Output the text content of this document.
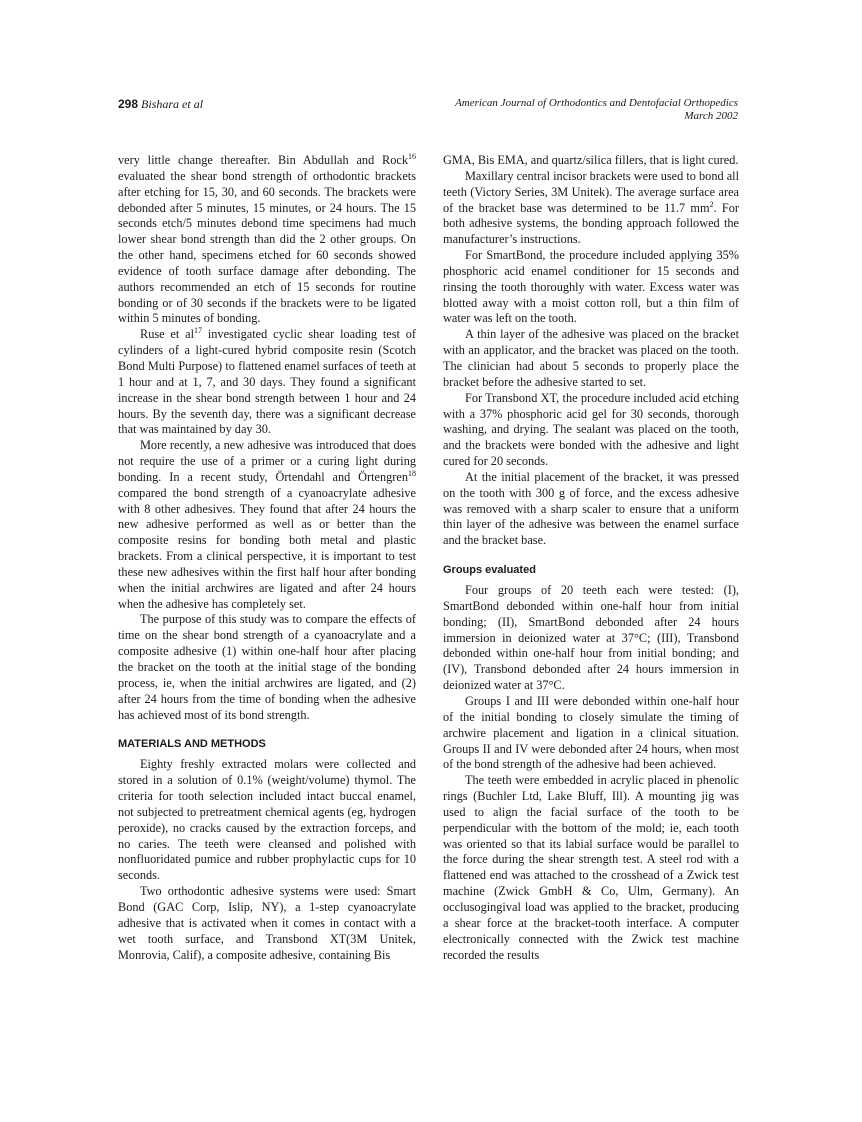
298 Bishara et al	American Journal of Orthodontics and Dentofacial Orthopedics
March 2002

very little change thereafter. Bin Abdullah and Rock$^{16}$ evaluated the shear bond strength of orthodontic brackets after etching for 15, 30, and 60 seconds. The brackets were debonded after 5 minutes, 15 minutes, or 24 hours. The 15 seconds etch/5 minutes debond time specimens had much lower shear bond strength than did the 2 other groups. On the other hand, specimens etched for 60 seconds showed evidence of tooth surface damage after debonding. The authors recommended an etch of 15 seconds for routine bonding or of 30 seconds if the brackets were to be ligated within 5 minutes of bonding.

Ruse et $al^{17}$ investigated cyclic shear loading test of cylinders of a light-cured hybrid composite resin (Scotch Bond Multi Purpose) to flattened enamel surfaces of teeth at 1 hour and at 1, 7, and 30 days. They found a significant increase in the shear bond strength between 1 hour and 24 hours. By the seventh day, there was a significant decrease that was maintained by day 30.

More recently, a new adhesive was introduced that does not require the use of a primer or a curing light during bonding. In a recent study, Örtendahl and Örtengren$^{18}$ compared the bond strength of a cyanoacrylate adhesive with 8 other adhesives. They found that after 24 hours the new adhesive performed as well as or better than the composite resins for bonding both metal and plastic brackets. From a clinical perspective, it is important to test these new adhesives within the first half hour after bonding when the initial archwires are ligated and after 24 hours when the adhesive has completely set.

The purpose of this study was to compare the effects of time on the shear bond strength of a cyanoacrylate and a composite adhesive (1) within one-half hour after placing the bracket on the tooth at the initial stage of the bonding process, ie, when the initial archwires are ligated, and (2) after 24 hours from the time of bonding when the adhesive has achieved most of its bond strength.

MATERIALS AND METHODS

Eighty freshly extracted molars were collected and stored in a solution of 0.1% (weight/volume) thymol. The criteria for tooth selection included intact buccal enamel, not subjected to pretreatment chemical agents (eg, hydrogen peroxide), no cracks caused by the extraction forceps, and no caries. The teeth were cleansed and polished with nonfluoridated pumice and rubber prophylactic cups for 10 seconds.

Two orthodontic adhesive systems were used: Smart Bond (GAC Corp, Islip, NY), a 1-step cyanoacrylate adhesive that is activated when it comes in contact with a wet tooth surface, and Transbond XT(3M Unitek, Monrovia, Calif), a composite adhesive, containing Bis

GMA, Bis EMA, and quartz/silica fillers, that is light cured.

Maxillary central incisor brackets were used to bond all teeth (Victory Series, 3M Unitek). The average surface area of the bracket base was determined to be 11.7 $mm^2$. For both adhesive systems, the bonding approach followed the manufacturer’s instructions.

For SmartBond, the procedure included applying 35% phosphoric acid enamel conditioner for 15 seconds and rinsing the tooth thoroughly with water. Excess water was blotted away with a moist cotton roll, but a thin film of water was left on the tooth.

A thin layer of the adhesive was placed on the bracket with an applicator, and the bracket was placed on the tooth. The clinician had about 5 seconds to properly place the bracket before the adhesive started to set.

For Transbond XT, the procedure included acid etching with a 37% phosphoric acid gel for 30 seconds, thorough washing, and drying. The sealant was placed on the tooth, and the brackets were bonded with the adhesive and light cured for 20 seconds.

At the initial placement of the bracket, it was pressed on the tooth with 300 g of force, and the excess adhesive was removed with a sharp scaler to ensure that a uniform thin layer of the adhesive was between the enamel surface and the bracket base.

Groups evaluated

Four groups of 20 teeth each were tested: (I), SmartBond debonded within one-half hour from initial bonding; (II), SmartBond debonded after 24 hours immersion in deionized water at 37°C; (III), Transbond debonded within one-half hour from initial bonding; and (IV), Transbond debonded after 24 hours immersion in deionized water at 37°C.

Groups I and III were debonded within one-half hour of the initial bonding to closely simulate the timing of archwire placement and ligation in a clinical situation. Groups II and IV were debonded after 24 hours, when most of the bond strength of the adhesive had been achieved.

The teeth were embedded in acrylic placed in phenolic rings (Buchler Ltd, Lake Bluff, Ill). A mounting jig was used to align the facial surface of the tooth to be perpendicular with the bottom of the mold; ie, each tooth was oriented so that its labial surface would be parallel to the force during the shear strength test. A steel rod with a flattened end was attached to the crosshead of a Zwick test machine (Zwick GmbH & Co, Ulm, Germany). An occlusogingival load was applied to the bracket, producing a shear force at the bracket-tooth interface. A computer electronically connected with the Zwick test machine recorded the results
